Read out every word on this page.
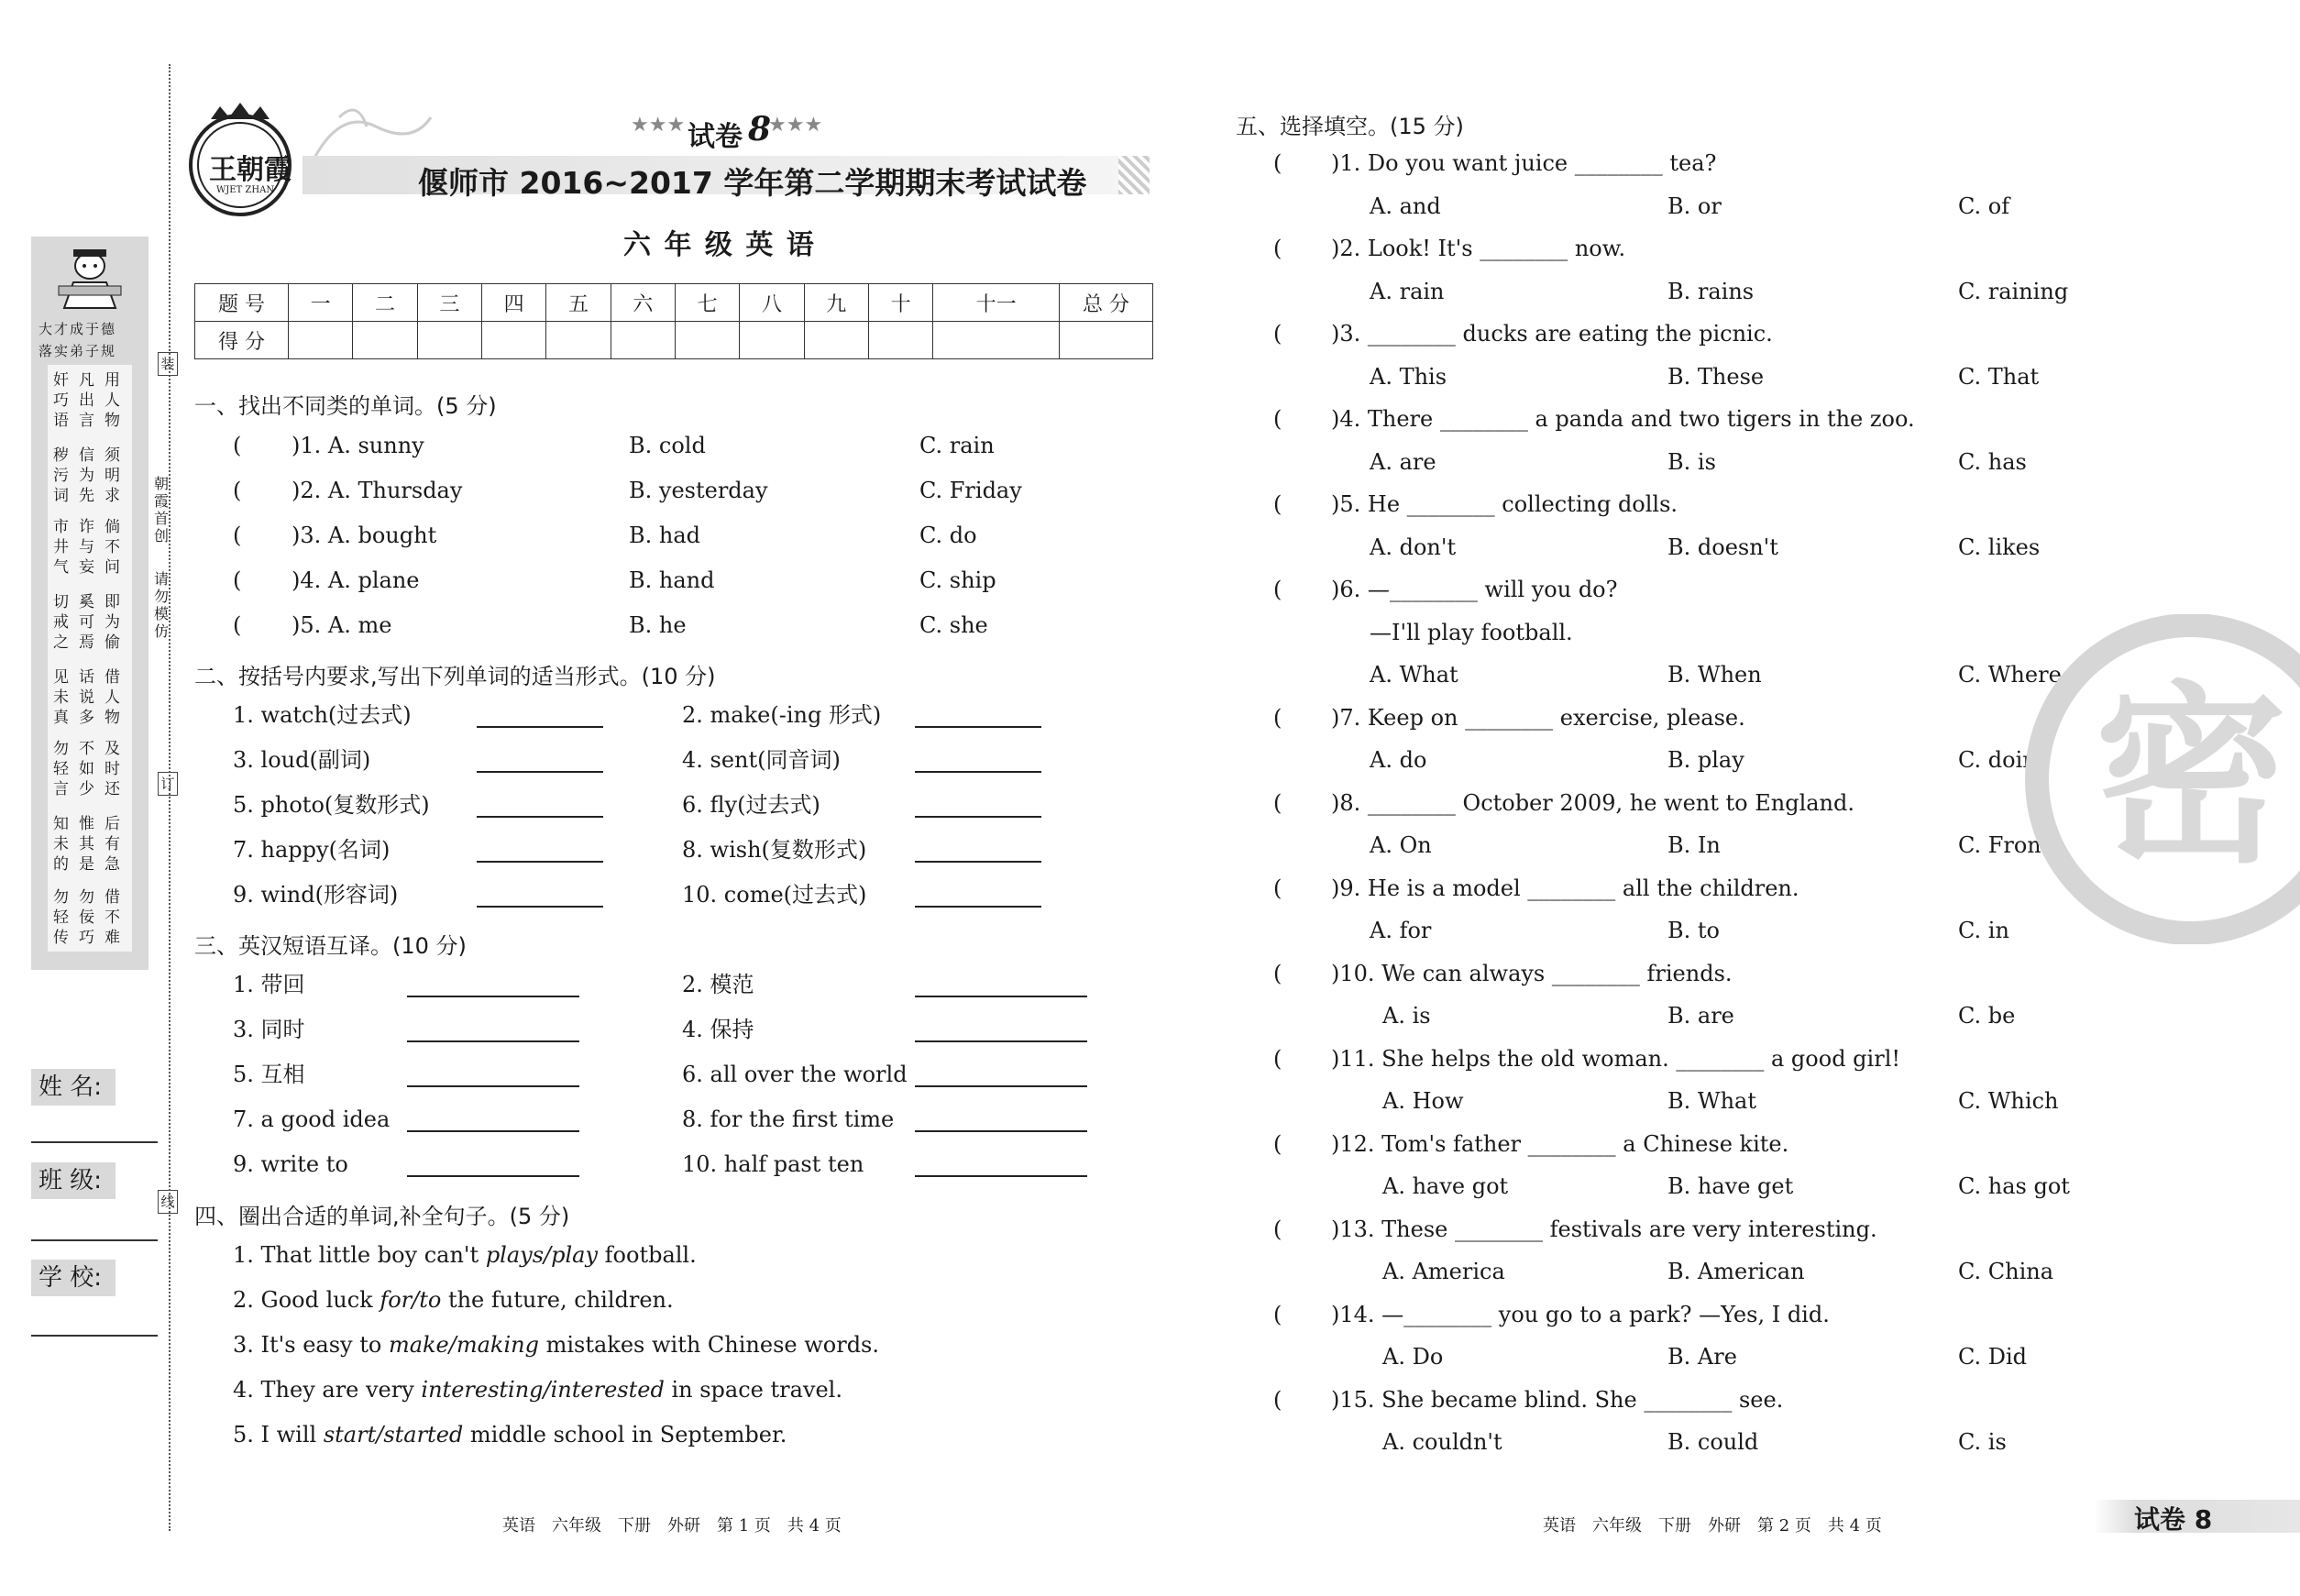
大才成于德
落实弟子规
奸巧语
凡出言
用人物
秽污词
信为先
须明求
市井气
诈与妄
倘不问
切戒之
奚可焉
即为偷
见未真
话说多
借人物
勿轻言
不如少
及时还
知未的
惟其是
后有急
勿轻传
勿佞巧
借不难
朝霞首创
请勿模仿
装
订
线
姓 名:
班 级:
学 校:
王朝霞
WJET ZHAN
★★★ 试卷 8
★★★
偃师市 2016~2017 学年第二学期期末考试试卷
六 年 级 英 语
题 号	一	二	三	四	五	六	七	八	九	十	十一	总 分
得 分												
一、找出不同类的单词。(5 分)
( )1. A. sunny	B. cold	C. rain
( )2. A. Thursday	B. yesterday	C. Friday
( )3. A. bought	B. had	C. do
( )4. A. plane	B. hand	C. ship
( )5. A. me	B. he	C. she
二、按括号内要求,写出下列单词的适当形式。(10 分)
1. watch(过去式)	2. make(-ing 形式)
3. loud(副词)	4. sent(同音词)
5. photo(复数形式)	6. fly(过去式)
7. happy(名词)	8. wish(复数形式)
9. wind(形容词)	10. come(过去式)
三、英汉短语互译。(10 分)
1. 带回	2. 模范
3. 同时	4. 保持
5. 互相	6. all over the world
7. a good idea	8. for the first time
9. write to	10. half past ten
四、圈出合适的单词,补全句子。(5 分)
1. That little boy can't plays/play football.
2. Good luck for/to the future, children.
3. It's easy to make/making mistakes with Chinese words.
4. They are very interesting/interested in space travel.
5. I will start/started middle school in September.
五、选择填空。(15 分)
( )1. Do you want juice ________ tea?
A. and	B. or	C. of
( )2. Look! It's ________ now.
A. rain	B. rains	C. raining
( )3. ________ ducks are eating the picnic.
A. This	B. These	C. That
( )4. There ________ a panda and two tigers in the zoo.
A. are	B. is	C. has
( )5. He ________ collecting dolls.
A. don't	B. doesn't	C. likes
( )6. —________ will you do?
—I'll play football.
A. What	B. When	C. Where
( )7. Keep on ________ exercise, please.
A. do	B. play	C. doing
( )8. ________ October 2009, he went to England.
A. On	B. In	C. From
( )9. He is a model ________ all the children.
A. for	B. to	C. in
( )10. We can always ________ friends.
A. is	B. are	C. be
( )11. She helps the old woman. ________ a good girl!
A. How	B. What	C. Which
( )12. Tom's father ________ a Chinese kite.
A. have got	B. have get	C. has got
( )13. These ________ festivals are very interesting.
A. America	B. American	C. China
( )14. —________ you go to a park? —Yes, I did.
A. Do	B. Are	C. Did
( )15. She became blind. She ________ see.
A. couldn't	B. could	C. is
密
英语　六年级　下册　外研　第 1 页　共 4 页	英语　六年级　下册　外研　第 2 页　共 4 页	试卷 8
